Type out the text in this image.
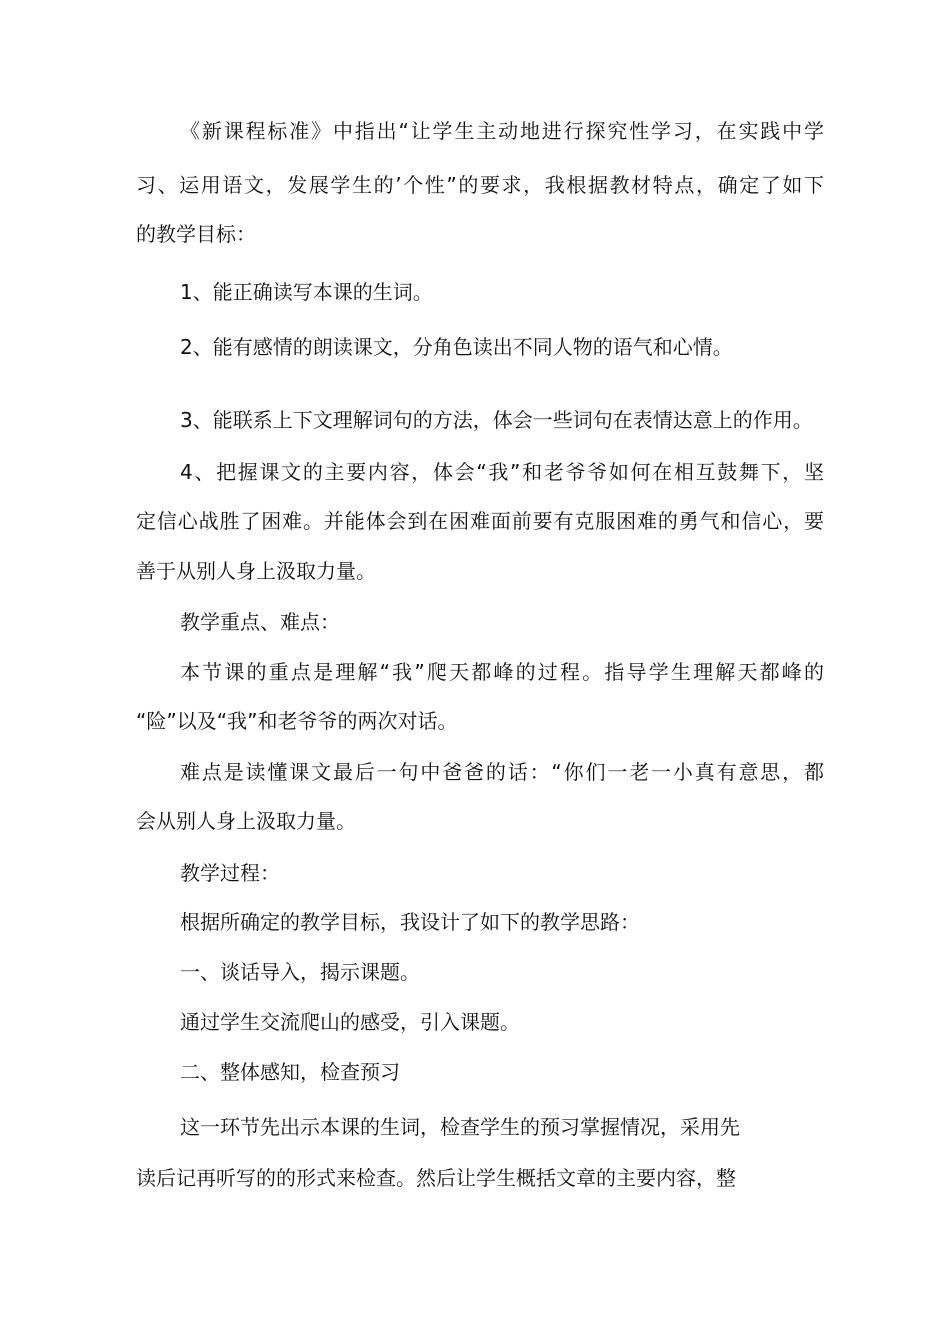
《新课程标准》中指出“让学生主动地进行探究性学习，在实践中学
习、运用语文，发展学生的’个性”的要求，我根据教材特点，确定了如下
的教学目标：
1、能正确读写本课的生词。
2、能有感情的朗读课文，分角色读出不同人物的语气和心情。
3、能联系上下文理解词句的方法，体会一些词句在表情达意上的作用。
4、把握课文的主要内容，体会“我”和老爷爷如何在相互鼓舞下，坚
定信心战胜了困难。并能体会到在困难面前要有克服困难的勇气和信心，要
善于从别人身上汲取力量。
教学重点、难点：
本节课的重点是理解“我”爬天都峰的过程。指导学生理解天都峰的
“险”以及“我”和老爷爷的两次对话。
难点是读懂课文最后一句中爸爸的话：“你们一老一小真有意思，都
会从别人身上汲取力量。
教学过程：
根据所确定的教学目标，我设计了如下的教学思路：
一、谈话导入，揭示课题。
通过学生交流爬山的感受，引入课题。
二、整体感知，检查预习
这一环节先出示本课的生词，检查学生的预习掌握情况，采用先
读后记再听写的的形式来检查。然后让学生概括文章的主要内容，整
